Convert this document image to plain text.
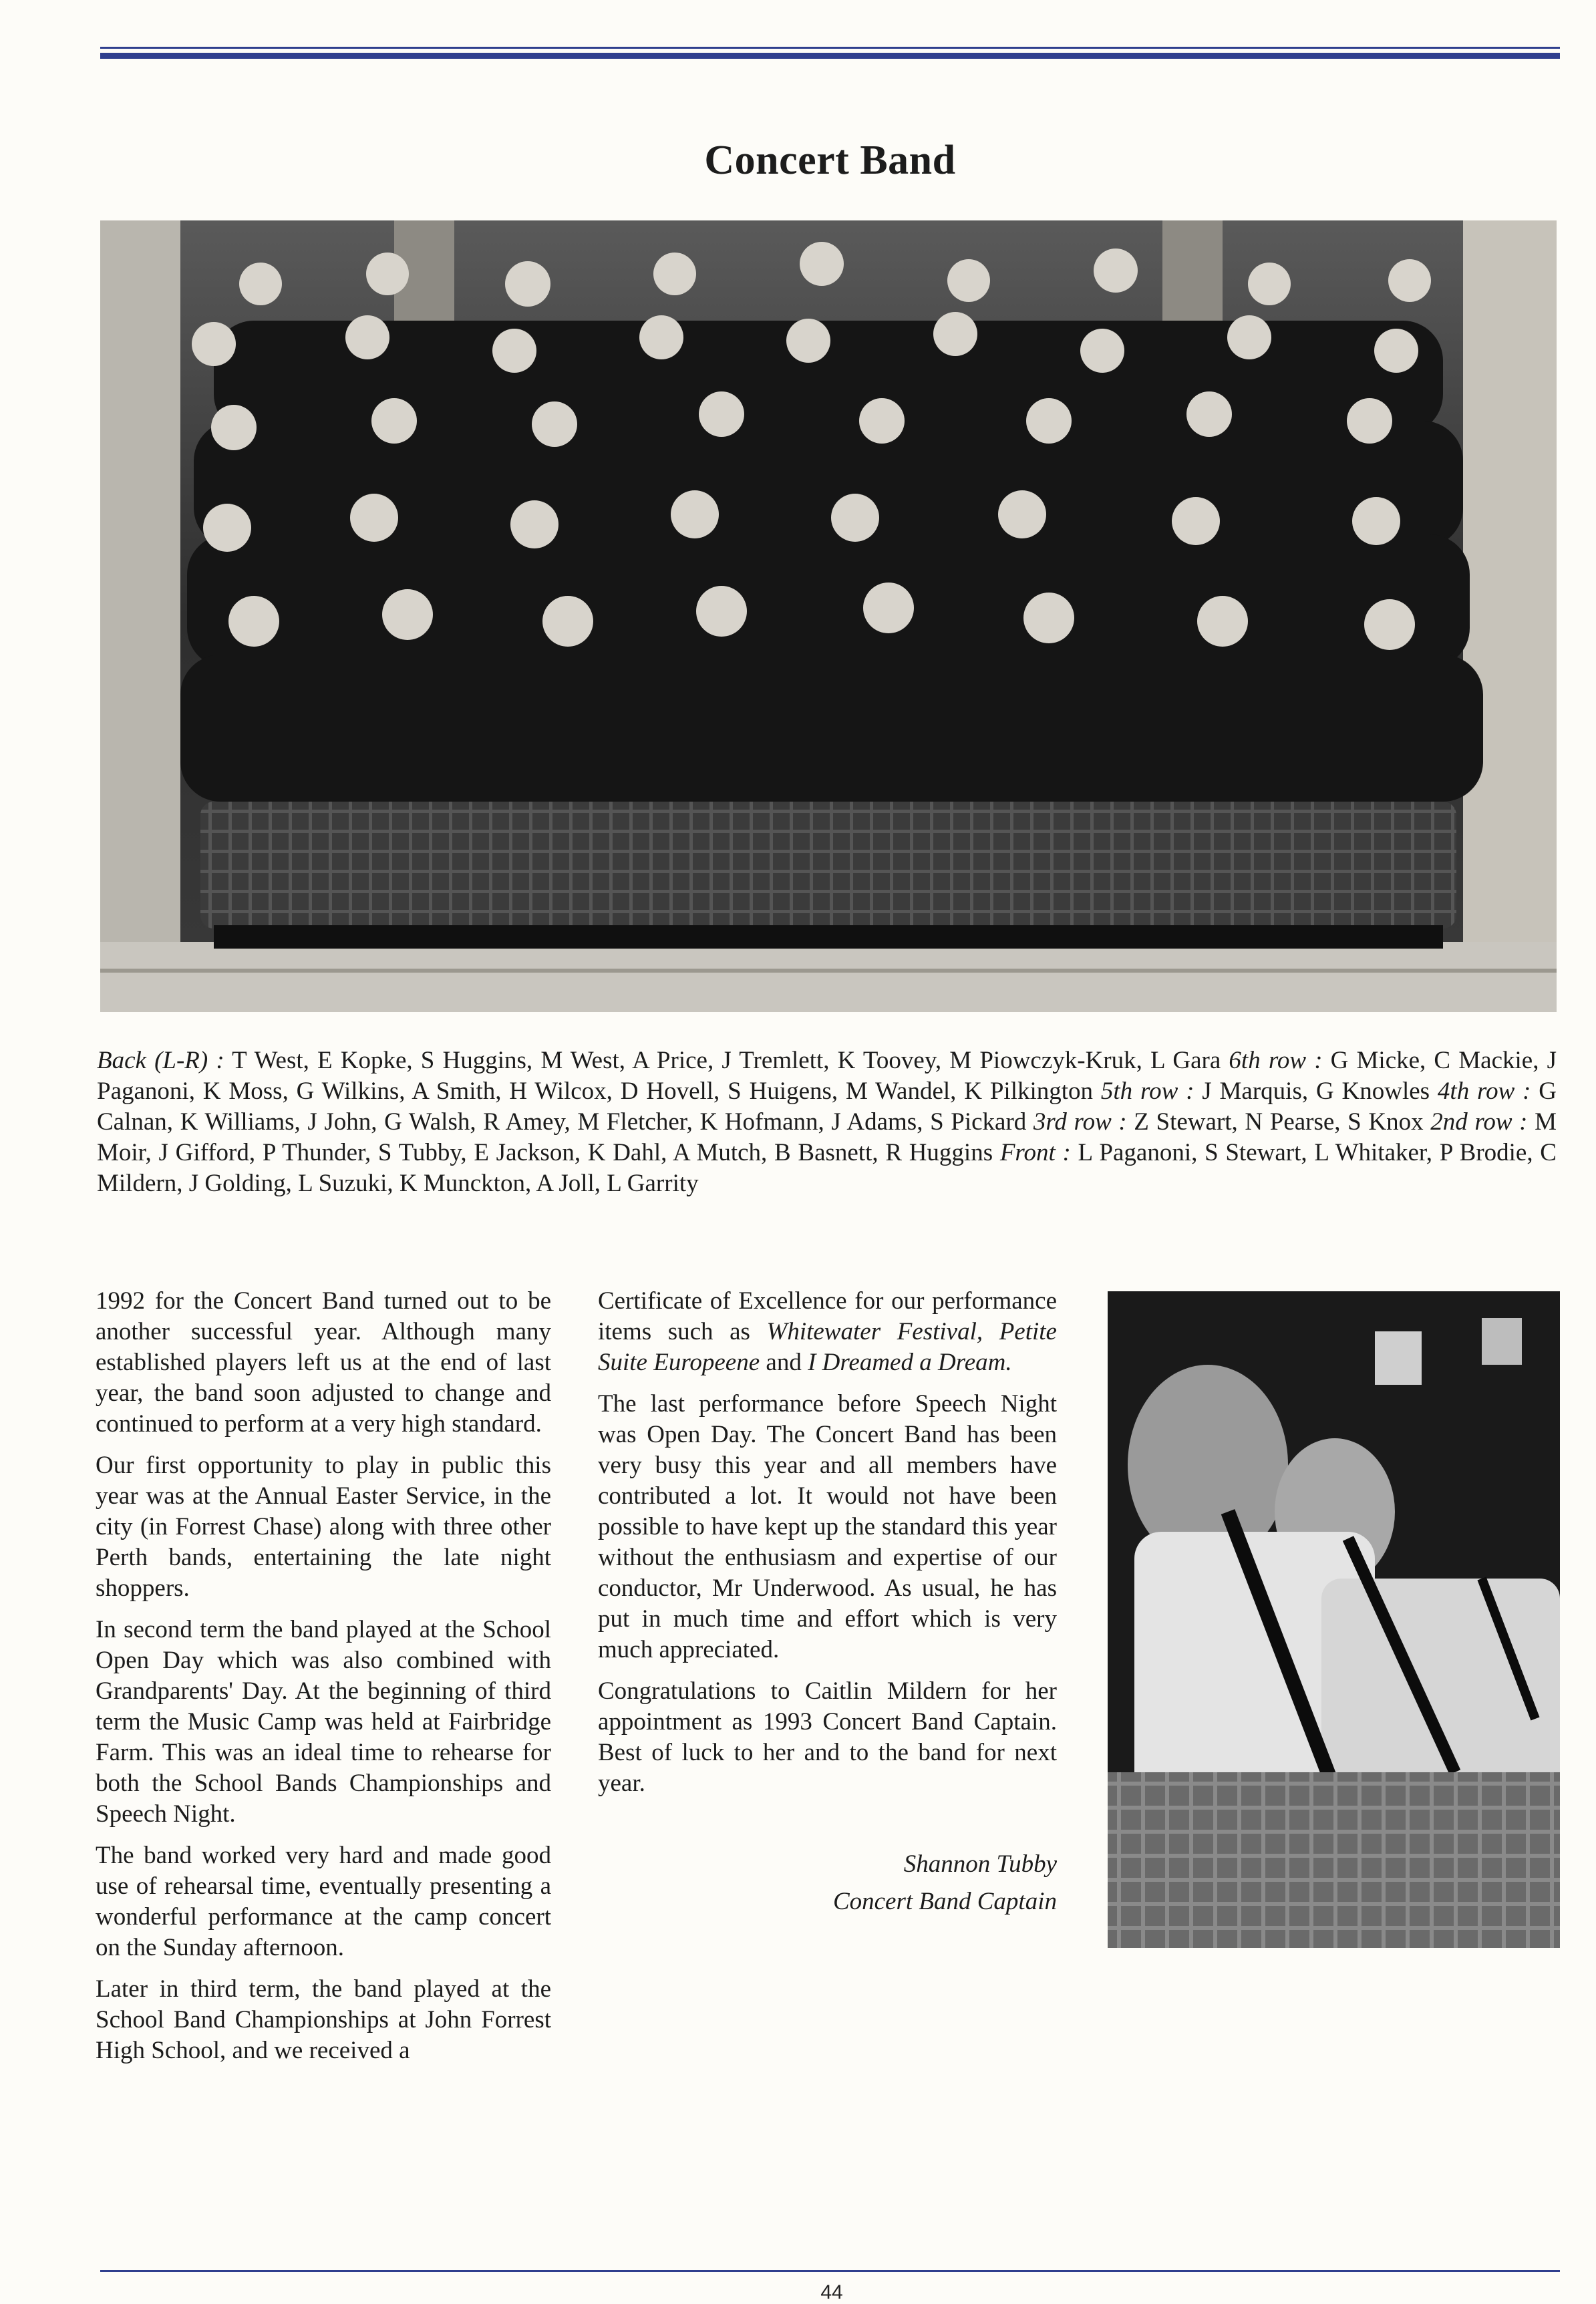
Concert Band
Back (L-R) : T West, E Kopke, S Huggins, M West, A Price, J Tremlett, K Toovey, M Piowczyk-Kruk, L Gara 6th row : G Micke, C Mackie, J Paganoni, K Moss, G Wilkins, A Smith, H Wilcox, D Hovell, S Huigens, M Wandel, K Pilkington 5th row : J Marquis, G Knowles 4th row : G Calnan, K Williams, J John, G Walsh, R Amey, M Fletcher, K Hofmann, J Adams, S Pickard 3rd row : Z Stewart, N Pearse, S Knox 2nd row : M Moir, J Gifford, P Thunder, S Tubby, E Jackson, K Dahl, A Mutch, B Basnett, R Huggins Front : L Paganoni, S Stewart, L Whitaker, P Brodie, C Mildern, J Golding, L Suzuki, K Munckton, A Joll, L Garrity

1992 for the Concert Band turned out to be another successful year. Although many established players left us at the end of last year, the band soon adjusted to change and continued to perform at a very high standard.

Our first opportunity to play in public this year was at the Annual Easter Service, in the city (in Forrest Chase) along with three other Perth bands, entertaining the late night shoppers.

In second term the band played at the School Open Day which was also combined with Grandparents' Day. At the beginning of third term the Music Camp was held at Fairbridge Farm. This was an ideal time to rehearse for both the School Bands Championships and Speech Night.

The band worked very hard and made good use of rehearsal time, eventually presenting a wonderful performance at the camp concert on the Sunday afternoon.

Later in third term, the band played at the School Band Championships at John Forrest High School, and we received a

Certificate of Excellence for our performance items such as Whitewater Festival, Petite Suite Europeene and I Dreamed a Dream.

The last performance before Speech Night was Open Day. The Concert Band has been very busy this year and all members have contributed a lot. It would not have been possible to have kept up the standard this year without the enthusiasm and expertise of our conductor, Mr Underwood. As usual, he has put in much time and effort which is very much appreciated.

Congratulations to Caitlin Mildern for her appointment as 1993 Concert Band Captain. Best of luck to her and to the band for next year.

Shannon Tubby
Concert Band Captain
44
